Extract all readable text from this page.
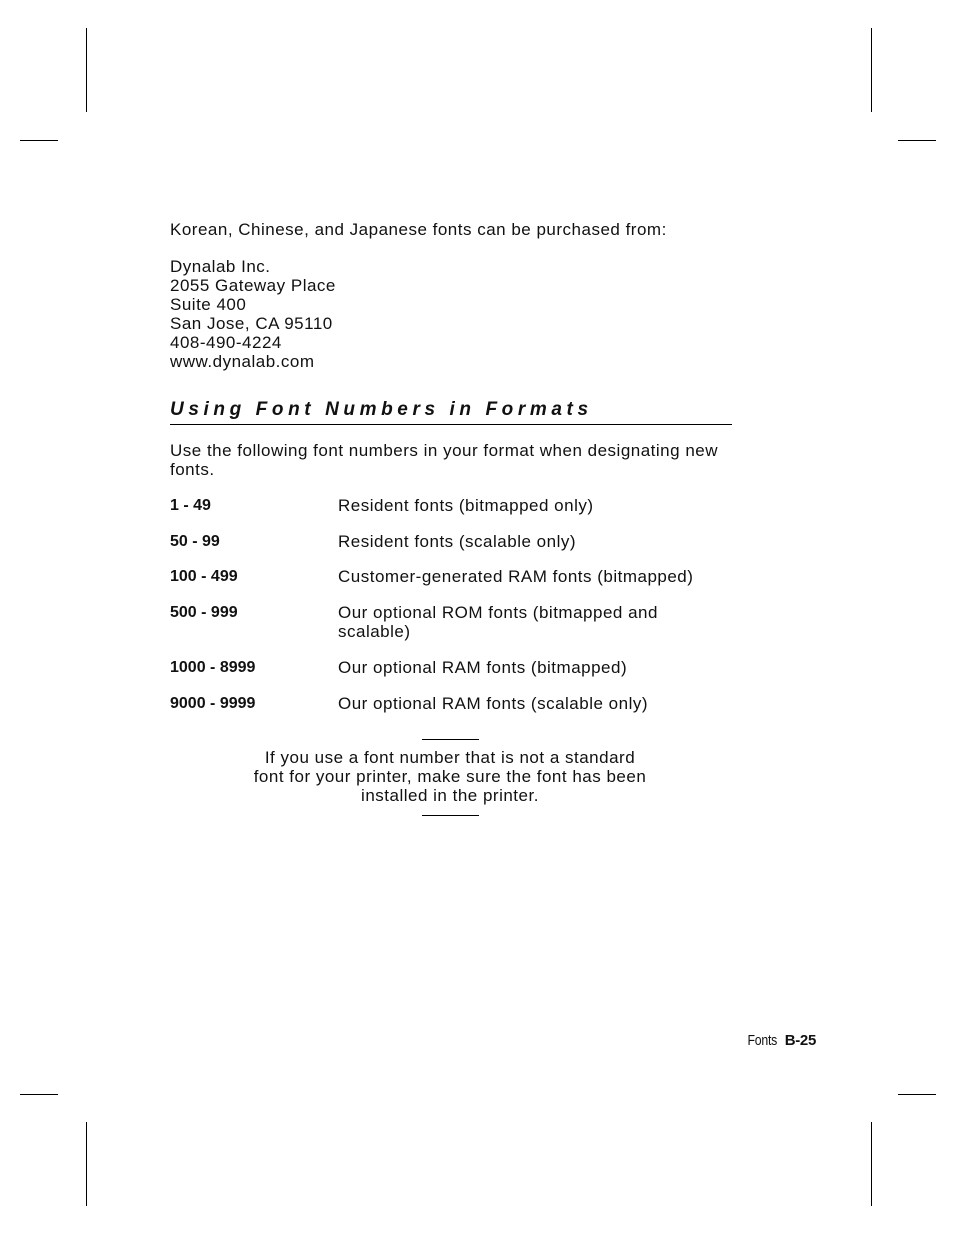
Korean, Chinese, and Japanese fonts can be purchased from:

Dynalab Inc.
2055 Gateway Place
Suite 400
San Jose, CA 95110
408-490-4224
www.dynalab.com
Using Font Numbers in Formats

Use the following font numbers in your format when designating new fonts.

1 - 49	Resident fonts (bitmapped only)
50 - 99	Resident fonts (scalable only)
100 - 499	Customer-generated RAM fonts (bitmapped)
500 - 999	Our optional ROM fonts (bitmapped and scalable)
1000 - 8999	Our optional RAM fonts (bitmapped)
9000 - 9999	Our optional RAM fonts (scalable only)

If you use a font number that is not a standard font for your printer, make sure the font has been installed in the printer.

Fonts B-25
